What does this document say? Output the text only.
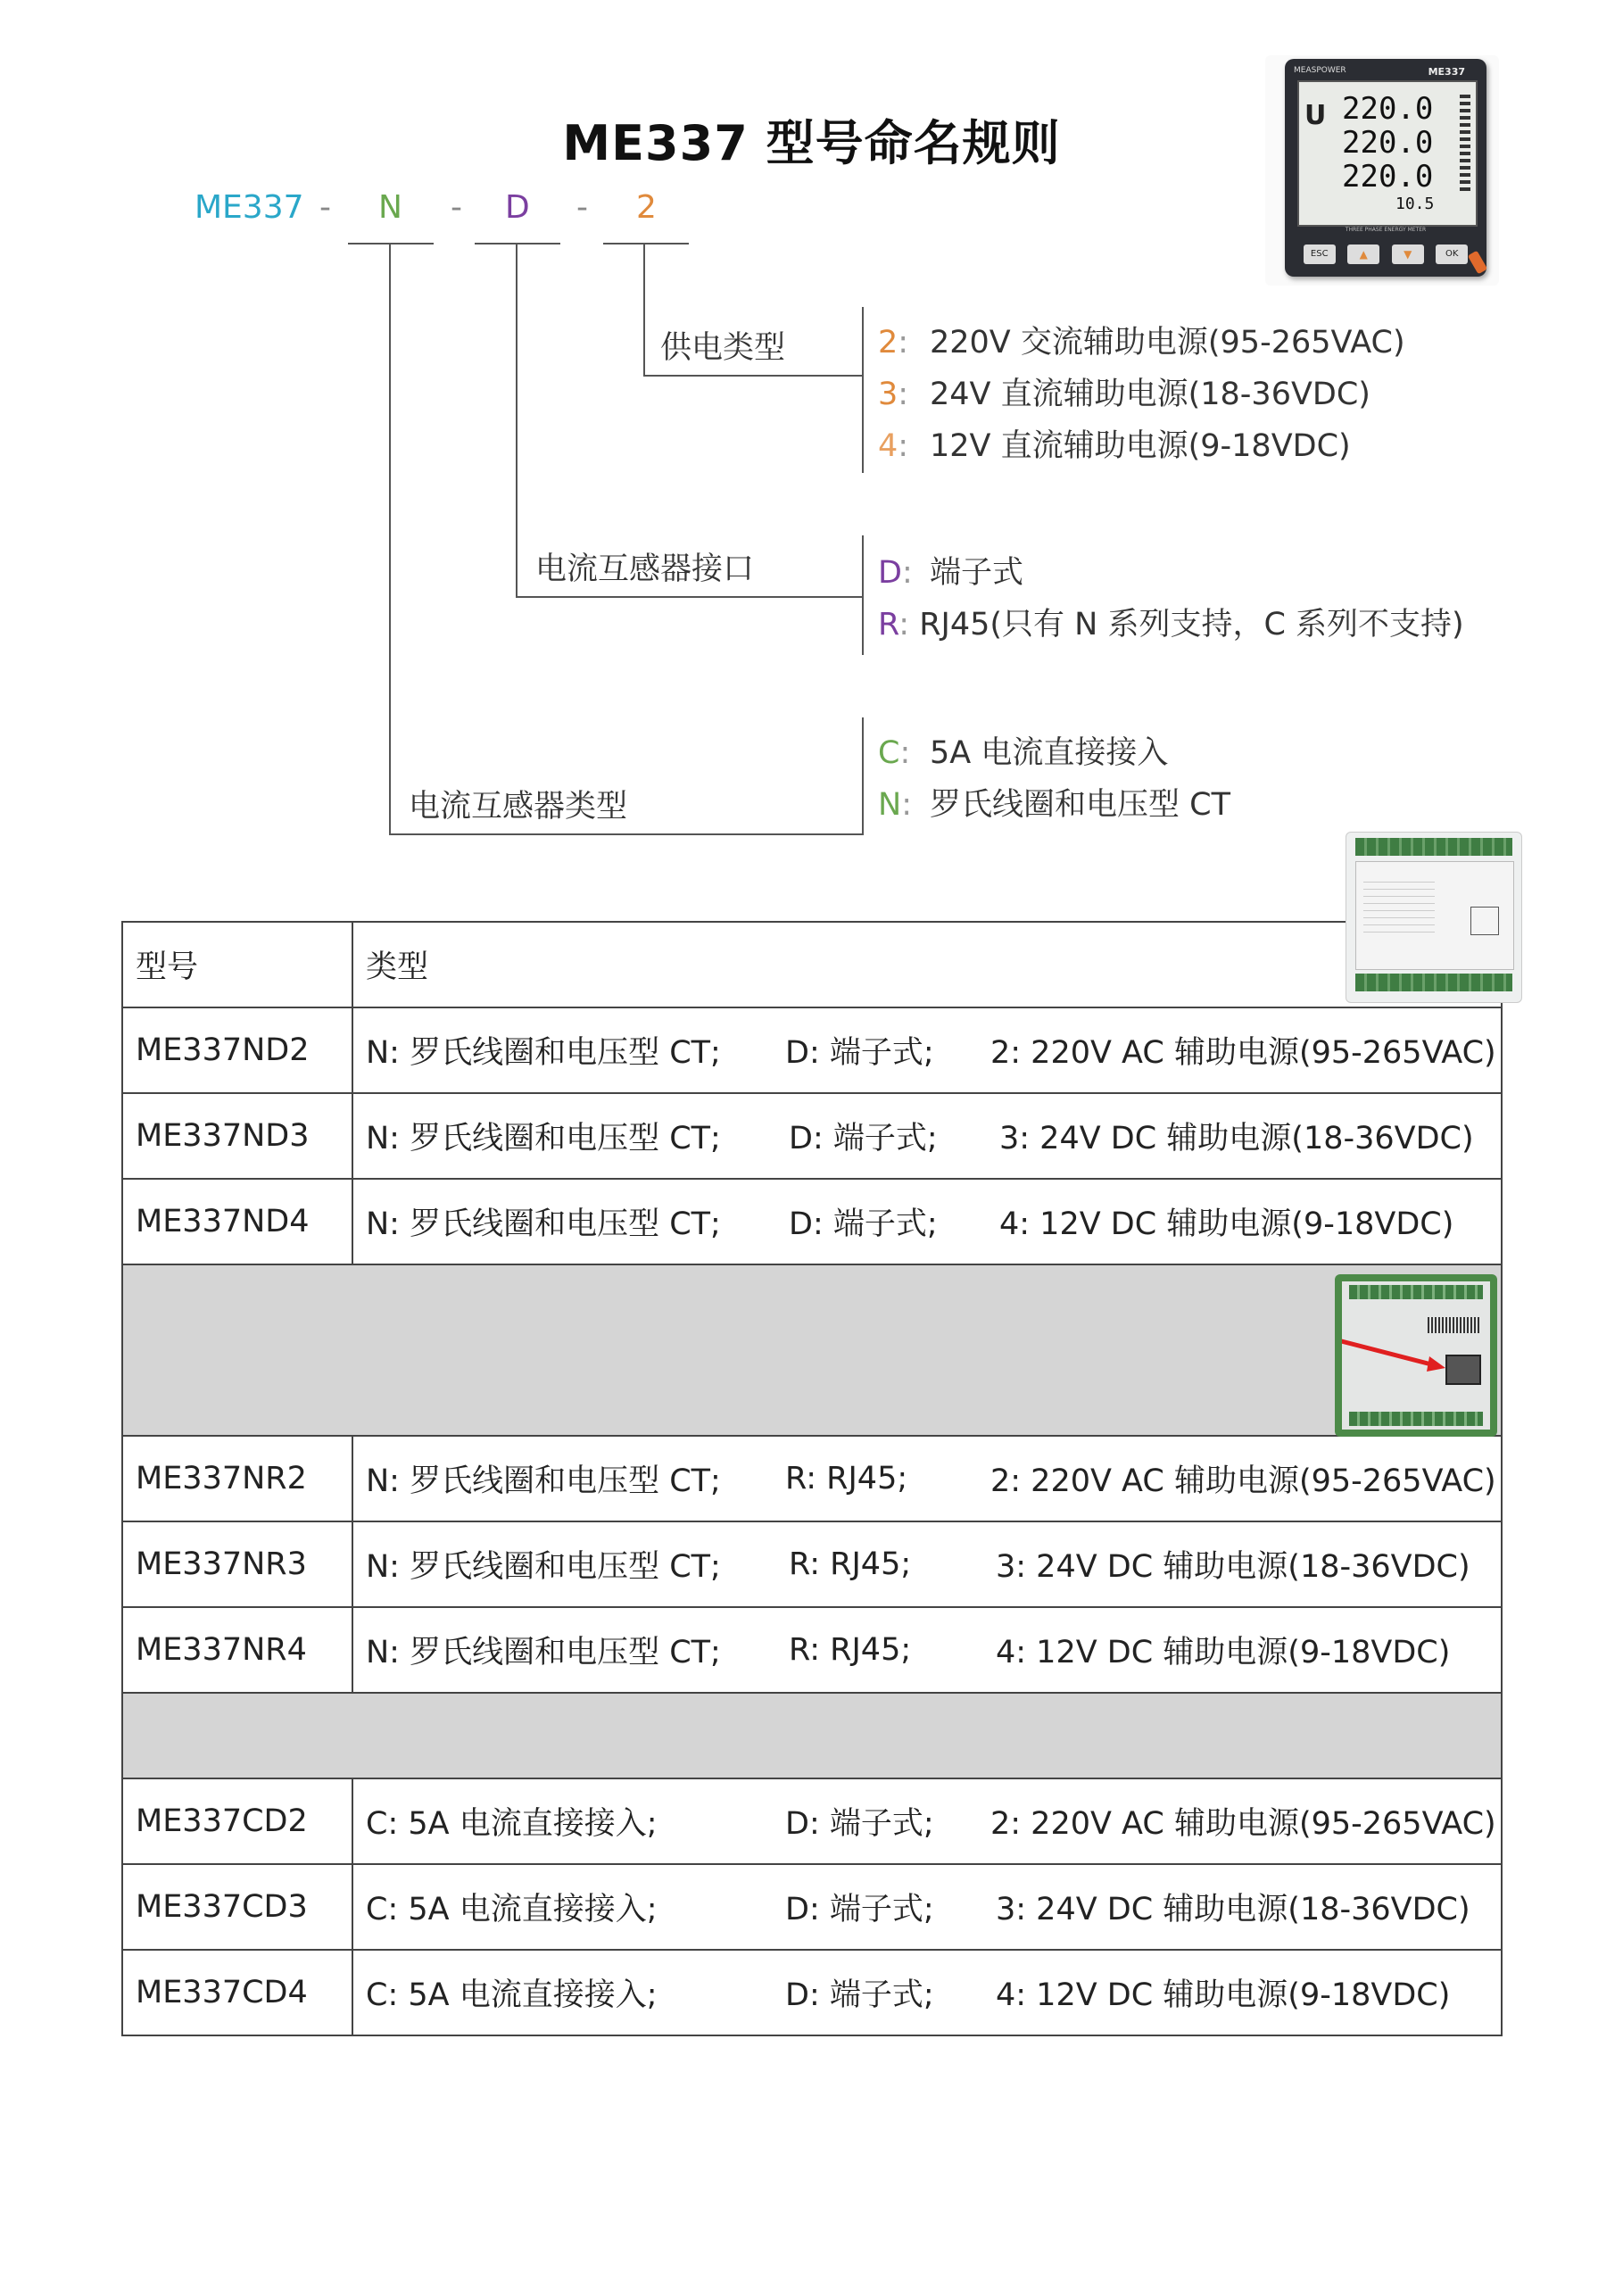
ME337 型号命名规则
ME337 - N - D - 2
供电类型
电流互感器接口
电流互感器类型
2: 220V 交流辅助电源(95-265VAC)
3: 24V 直流辅助电源(18-36VDC)
4: 12V 直流辅助电源(9-18VDC)
D: 端子式
R: RJ45(只有 N 系列支持，C 系列不支持)
C: 5A 电流直接接入
N: 罗氏线圈和电压型 CT
MEASPOWER	ME337
U 220.0
220.0
220.0
10.5
THREE PHASE ENERGY METER
ESC	▲	▼	OK
型号	类型
ME337ND2	N: 罗氏线圈和电压型 CT; D: 端子式; 2: 220V AC 辅助电源(95-265VAC)

ME337ND3	N: 罗氏线圈和电压型 CT; D: 端子式; 3: 24V DC 辅助电源(18-36VDC)

ME337ND4	N: 罗氏线圈和电压型 CT; D: 端子式; 4: 12V DC 辅助电源(9-18VDC)

ME337NR2	N: 罗氏线圈和电压型 CT; R: RJ45; 2: 220V AC 辅助电源(95-265VAC)

ME337NR3	N: 罗氏线圈和电压型 CT; R: RJ45; 3: 24V DC 辅助电源(18-36VDC)

ME337NR4	N: 罗氏线圈和电压型 CT; R: RJ45; 4: 12V DC 辅助电源(9-18VDC)

ME337CD2	C: 5A 电流直接接入; D: 端子式; 2: 220V AC 辅助电源(95-265VAC)

ME337CD3	C: 5A 电流直接接入; D: 端子式; 3: 24V DC 辅助电源(18-36VDC)

ME337CD4	C: 5A 电流直接接入; D: 端子式; 4: 12V DC 辅助电源(9-18VDC)
